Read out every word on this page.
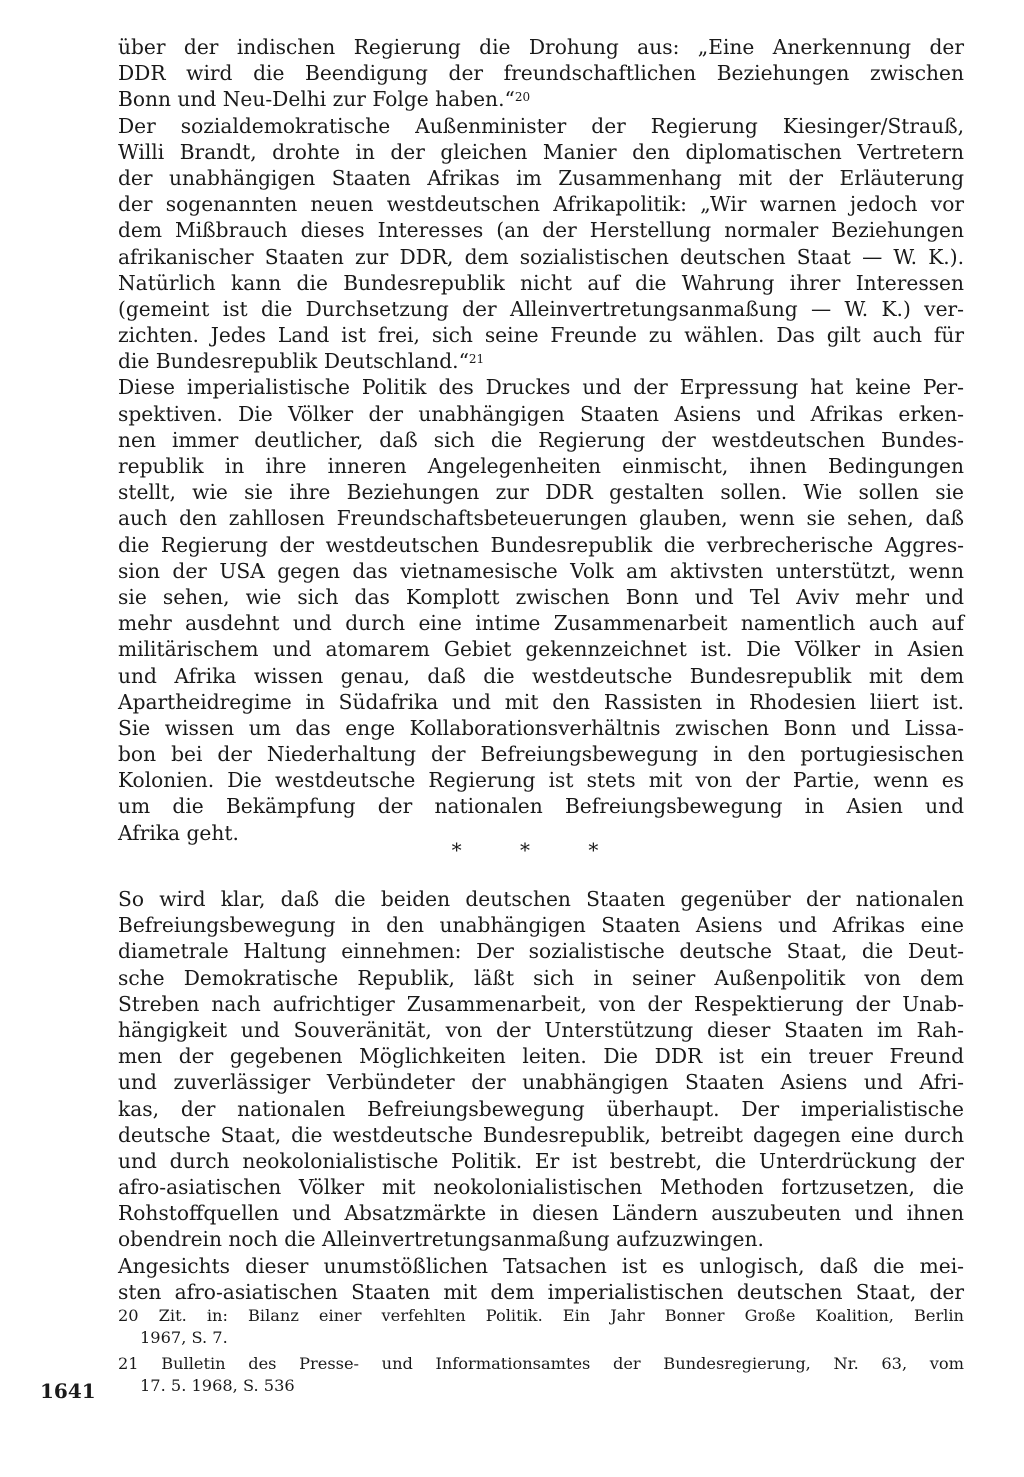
über der indischen Regierung die Drohung aus: „Eine Anerkennung der
DDR wird die Beendigung der freundschaftlichen Beziehungen zwischen
Bonn und Neu-Delhi zur Folge haben.“$^{20}$
Der sozialdemokratische Außenminister der Regierung Kiesinger/Strauß,
Willi Brandt, drohte in der gleichen Manier den diplomatischen Vertretern
der unabhängigen Staaten Afrikas im Zusammenhang mit der Erläuterung
der sogenannten neuen westdeutschen Afrikapolitik: „Wir warnen jedoch vor
dem Mißbrauch dieses Interesses (an der Herstellung normaler Beziehungen
afrikanischer Staaten zur DDR, dem sozialistischen deutschen Staat — W. K.).
Natürlich kann die Bundesrepublik nicht auf die Wahrung ihrer Interessen
(gemeint ist die Durchsetzung der Alleinvertretungsanmaßung — W. K.) ver-
zichten. Jedes Land ist frei, sich seine Freunde zu wählen. Das gilt auch für
die Bundesrepublik Deutschland.“$^{21}$
Diese imperialistische Politik des Druckes und der Erpressung hat keine Per-
spektiven. Die Völker der unabhängigen Staaten Asiens und Afrikas erken-
nen immer deutlicher, daß sich die Regierung der westdeutschen Bundes-
republik in ihre inneren Angelegenheiten einmischt, ihnen Bedingungen
stellt, wie sie ihre Beziehungen zur DDR gestalten sollen. Wie sollen sie
auch den zahllosen Freundschaftsbeteuerungen glauben, wenn sie sehen, daß
die Regierung der westdeutschen Bundesrepublik die verbrecherische Aggres-
sion der USA gegen das vietnamesische Volk am aktivsten unterstützt, wenn
sie sehen, wie sich das Komplott zwischen Bonn und Tel Aviv mehr und
mehr ausdehnt und durch eine intime Zusammenarbeit namentlich auch auf
militärischem und atomarem Gebiet gekennzeichnet ist. Die Völker in Asien
und Afrika wissen genau, daß die westdeutsche Bundesrepublik mit dem
Apartheidregime in Südafrika und mit den Rassisten in Rhodesien liiert ist.
Sie wissen um das enge Kollaborationsverhältnis zwischen Bonn und Lissa-
bon bei der Niederhaltung der Befreiungsbewegung in den portugiesischen
Kolonien. Die westdeutsche Regierung ist stets mit von der Partie, wenn es
um die Bekämpfung der nationalen Befreiungsbewegung in Asien und
Afrika geht.
* * *
So wird klar, daß die beiden deutschen Staaten gegenüber der nationalen
Befreiungsbewegung in den unabhängigen Staaten Asiens und Afrikas eine
diametrale Haltung einnehmen: Der sozialistische deutsche Staat, die Deut-
sche Demokratische Republik, läßt sich in seiner Außenpolitik von dem
Streben nach aufrichtiger Zusammenarbeit, von der Respektierung der Unab-
hängigkeit und Souveränität, von der Unterstützung dieser Staaten im Rah-
men der gegebenen Möglichkeiten leiten. Die DDR ist ein treuer Freund
und zuverlässiger Verbündeter der unabhängigen Staaten Asiens und Afri-
kas, der nationalen Befreiungsbewegung überhaupt. Der imperialistische
deutsche Staat, die westdeutsche Bundesrepublik, betreibt dagegen eine durch
und durch neokolonialistische Politik. Er ist bestrebt, die Unterdrückung der
afro-asiatischen Völker mit neokolonialistischen Methoden fortzusetzen, die
Rohstoffquellen und Absatzmärkte in diesen Ländern auszubeuten und ihnen
obendrein noch die Alleinvertretungsanmaßung aufzuzwingen.
Angesichts dieser unumstößlichen Tatsachen ist es unlogisch, daß die mei-
sten afro-asiatischen Staaten mit dem imperialistischen deutschen Staat, der
20 Zit. in: Bilanz einer verfehlten Politik. Ein Jahr Bonner Große Koalition, Berlin
1967, S. 7.
21 Bulletin des Presse- und Informationsamtes der Bundesregierung, Nr. 63, vom
17. 5. 1968, S. 536
1641
